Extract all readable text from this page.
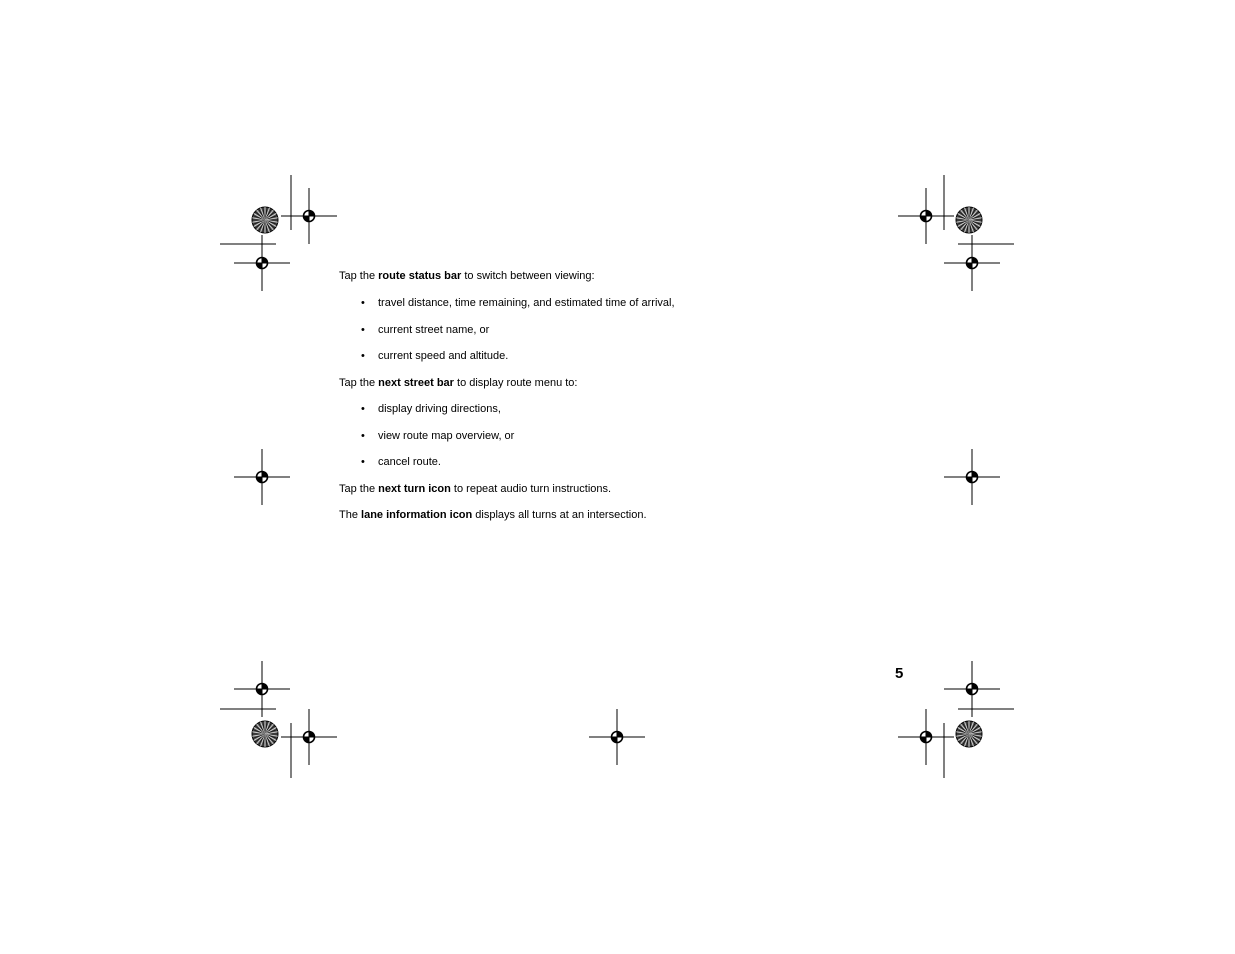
Tap the route status bar to switch between viewing:
• travel distance, time remaining, and estimated time of arrival,
• current street name, or
• current speed and altitude.
Tap the next street bar to display route menu to:
• display driving directions,
• view route map overview, or
• cancel route.
Tap the next turn icon to repeat audio turn instructions.
The lane information icon displays all turns at an intersection.
5
